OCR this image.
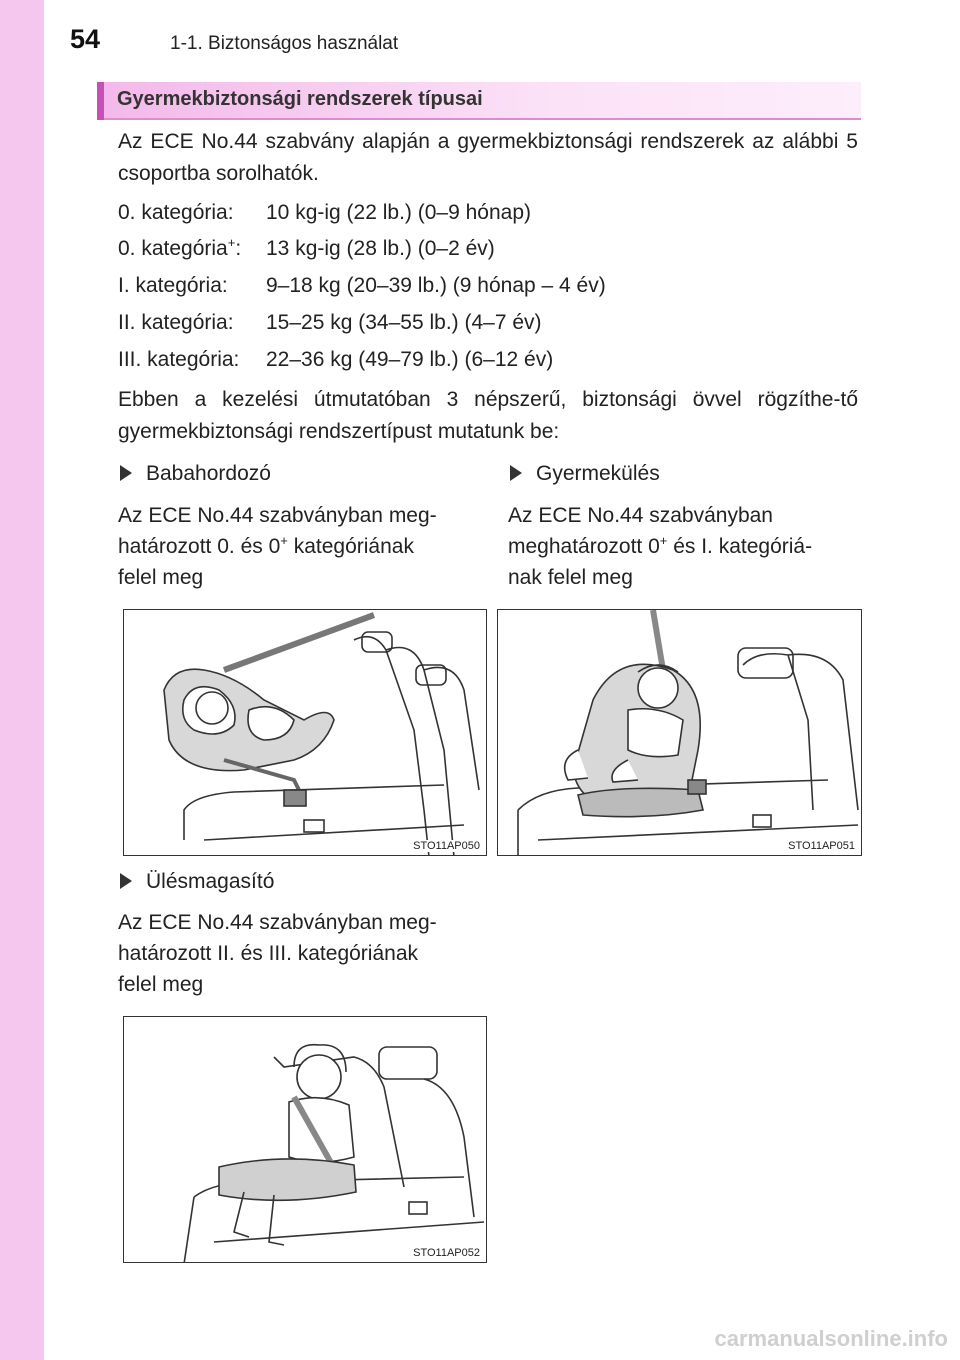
54	1-1. Biztonságos használat
Gyermekbiztonsági rendszerek típusai
Az ECE No.44 szabvány alapján a gyermekbiztonsági rendszerek az alábbi 5 csoportba sorolhatók.
0. kategória: 10 kg-ig (22 lb.) (0–9 hónap)
0. kategória+: 13 kg-ig (28 lb.) (0–2 év)
I. kategória: 9–18 kg (20–39 lb.) (9 hónap – 4 év)
II. kategória: 15–25 kg (34–55 lb.) (4–7 év)
III. kategória: 22–36 kg (49–79 lb.) (6–12 év)
Ebben a kezelési útmutatóban 3 népszerű, biztonsági övvel rögzíthe-tő gyermekbiztonsági rendszertípust mutatunk be:
Babahordozó
Az ECE No.44 szabványban meg-
határozott 0. és 0+ kategóriának
felel meg
Gyermekülés
Az ECE No.44 szabványban
meghatározott 0+ és I. kategóriá-
nak felel meg
STO11AP050	STO11AP051
Ülésmagasító
Az ECE No.44 szabványban meg-
határozott II. és III. kategóriának
felel meg
STO11AP052
carmanualsonline.info
